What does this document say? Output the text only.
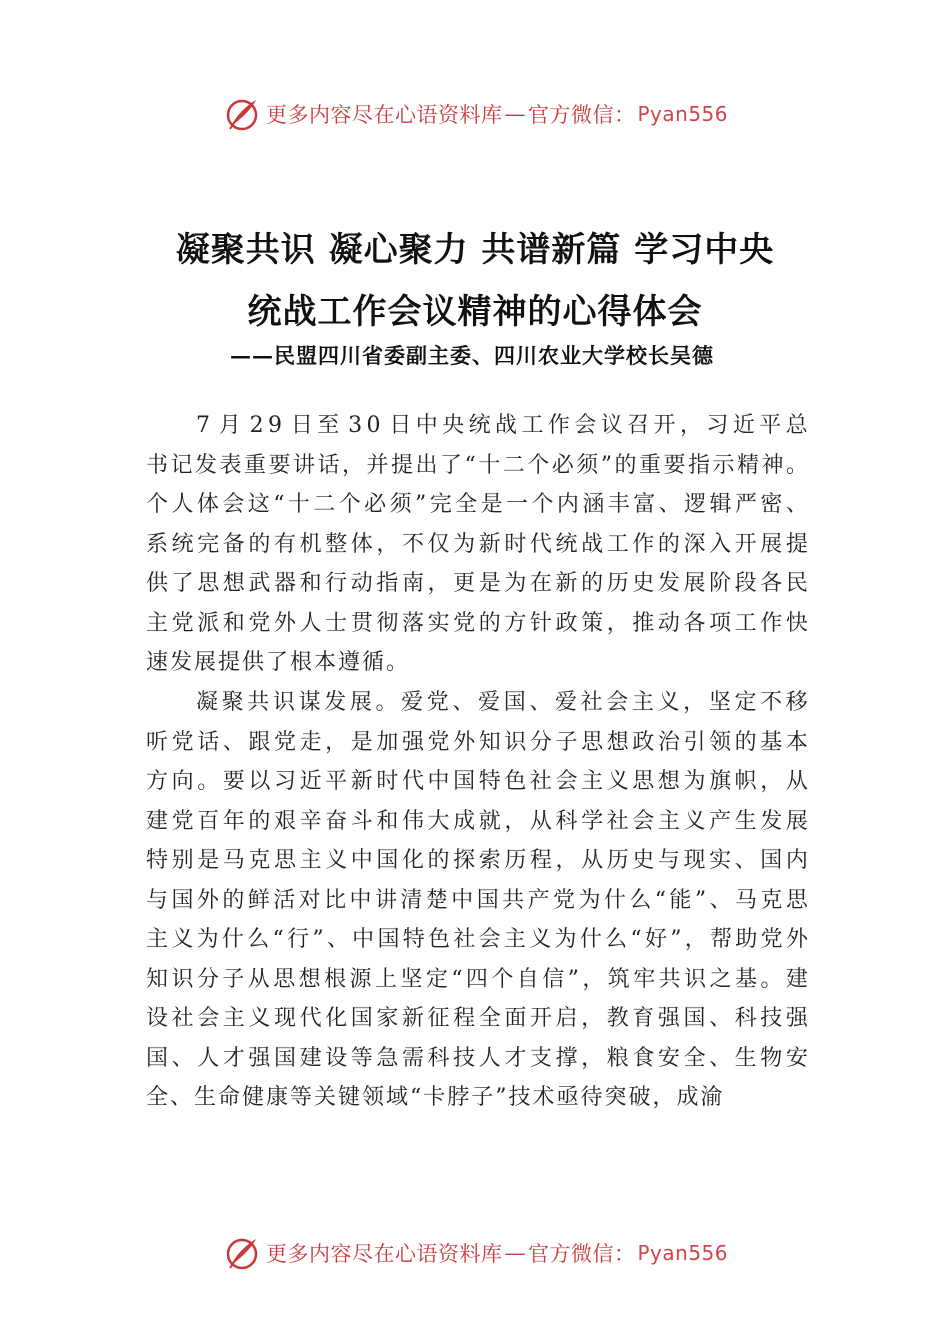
更多内容尽在心语资料库 — 官方微信： Pyan556
凝聚共识 凝心聚力 共谱新篇 学习中央
统战工作会议精神的心得体会
——民盟四川省委副主委、四川农业大学校长吴德
7 月 2 9 日 至 3 0 日 中 央 统 战 工 作 会 议 召 开 ， 习 近 平 总
书 记 发 表 重 要 讲 话 ， 并 提 出 了 “ 十 二 个 必 须 ” 的 重 要 指 示 精 神 。
个 人 体 会 这 “ 十 二 个 必 须 ” 完 全 是 一 个 内 涵 丰 富 、 逻 辑 严 密 、
系 统 完 备 的 有 机 整 体 ， 不 仅 为 新 时 代 统 战 工 作 的 深 入 开 展 提
供 了 思 想 武 器 和 行 动 指 南 ， 更 是 为 在 新 的 历 史 发 展 阶 段 各 民
主 党 派 和 党 外 人 士 贯 彻 落 实 党 的 方 针 政 策 ， 推 动 各 项 工 作 快
速发展提供了根本遵循。
凝 聚 共 识 谋 发 展 。 爱 党 、 爱 国 、 爱 社 会 主 义 ， 坚 定 不 移
听 党 话 、 跟 党 走 ， 是 加 强 党 外 知 识 分 子 思 想 政 治 引 领 的 基 本
方 向 。 要 以 习 近 平 新 时 代 中 国 特 色 社 会 主 义 思 想 为 旗 帜 ， 从
建 党 百 年 的 艰 辛 奋 斗 和 伟 大 成 就 ， 从 科 学 社 会 主 义 产 生 发 展
特 别 是 马 克 思 主 义 中 国 化 的 探 索 历 程 ， 从 历 史 与 现 实 、 国 内
与 国 外 的 鲜 活 对 比 中 讲 清 楚 中 国 共 产 党 为 什 么 “ 能 ” 、 马 克 思
主 义 为 什 么 “ 行 ” 、 中 国 特 色 社 会 主 义 为 什 么 “ 好 ” ， 帮 助 党 外
知 识 分 子 从 思 想 根 源 上 坚 定 “ 四 个 自 信 ” ， 筑 牢 共 识 之 基 。 建
设 社 会 主 义 现 代 化 国 家 新 征 程 全 面 开 启 ， 教 育 强 国 、 科 技 强
国 、 人 才 强 国 建 设 等 急 需 科 技 人 才 支 撑 ， 粮 食 安 全 、 生 物 安
全、生命健康等关键领域“卡脖子”技术亟待突破，成渝
更多内容尽在心语资料库 — 官方微信： Pyan556
